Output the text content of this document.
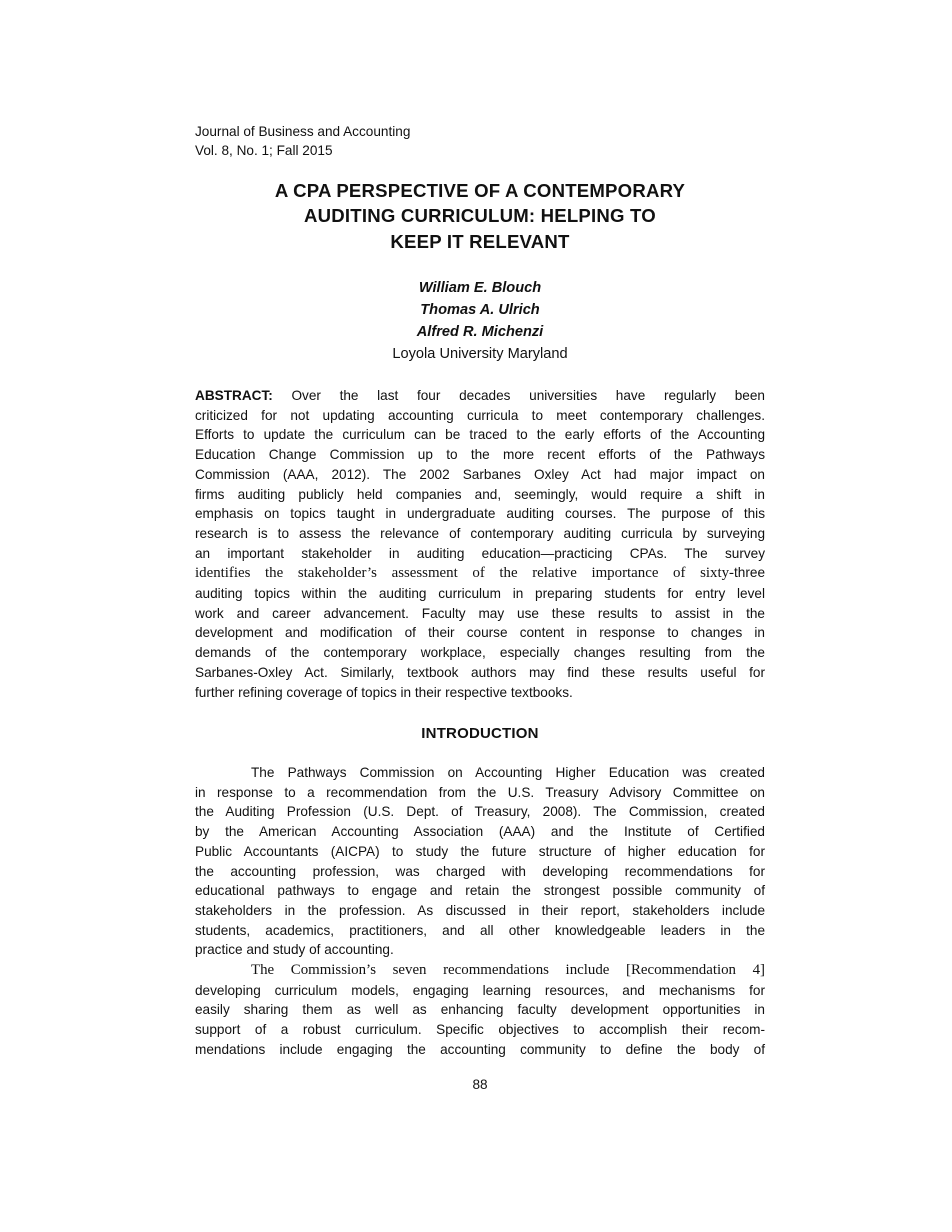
Journal of Business and Accounting
Vol. 8, No. 1; Fall 2015
A CPA PERSPECTIVE OF A CONTEMPORARY
AUDITING CURRICULUM: HELPING TO
KEEP IT RELEVANT
William E. Blouch
Thomas A. Ulrich
Alfred R. Michenzi
Loyola University Maryland
ABSTRACT: Over the last four decades universities have regularly been
criticized for not updating accounting curricula to meet contemporary challenges.
Efforts to update the curriculum can be traced to the early efforts of the Accounting
Education Change Commission up to the more recent efforts of the Pathways
Commission (AAA, 2012). The 2002 Sarbanes Oxley Act had major impact on
firms auditing publicly held companies and, seemingly, would require a shift in
emphasis on topics taught in undergraduate auditing courses. The purpose of this
research is to assess the relevance of contemporary auditing curricula by surveying
an important stakeholder in auditing education—practicing CPAs. The survey
identifies the stakeholder’s assessment of the relative importance of sixty-three
auditing topics within the auditing curriculum in preparing students for entry level
work and career advancement. Faculty may use these results to assist in the
development and modification of their course content in response to changes in
demands of the contemporary workplace, especially changes resulting from the
Sarbanes-Oxley Act. Similarly, textbook authors may find these results useful for
further refining coverage of topics in their respective textbooks.
INTRODUCTION
The Pathways Commission on Accounting Higher Education was created
in response to a recommendation from the U.S. Treasury Advisory Committee on
the Auditing Profession (U.S. Dept. of Treasury, 2008). The Commission, created
by the American Accounting Association (AAA) and the Institute of Certified
Public Accountants (AICPA) to study the future structure of higher education for
the accounting profession, was charged with developing recommendations for
educational pathways to engage and retain the strongest possible community of
stakeholders in the profession. As discussed in their report, stakeholders include
students, academics, practitioners, and all other knowledgeable leaders in the
practice and study of accounting.
The Commission’s seven recommendations include [Recommendation 4]
developing curriculum models, engaging learning resources, and mechanisms for
easily sharing them as well as enhancing faculty development opportunities in
support of a robust curriculum. Specific objectives to accomplish their recom-
mendations include engaging the accounting community to define the body of
88
